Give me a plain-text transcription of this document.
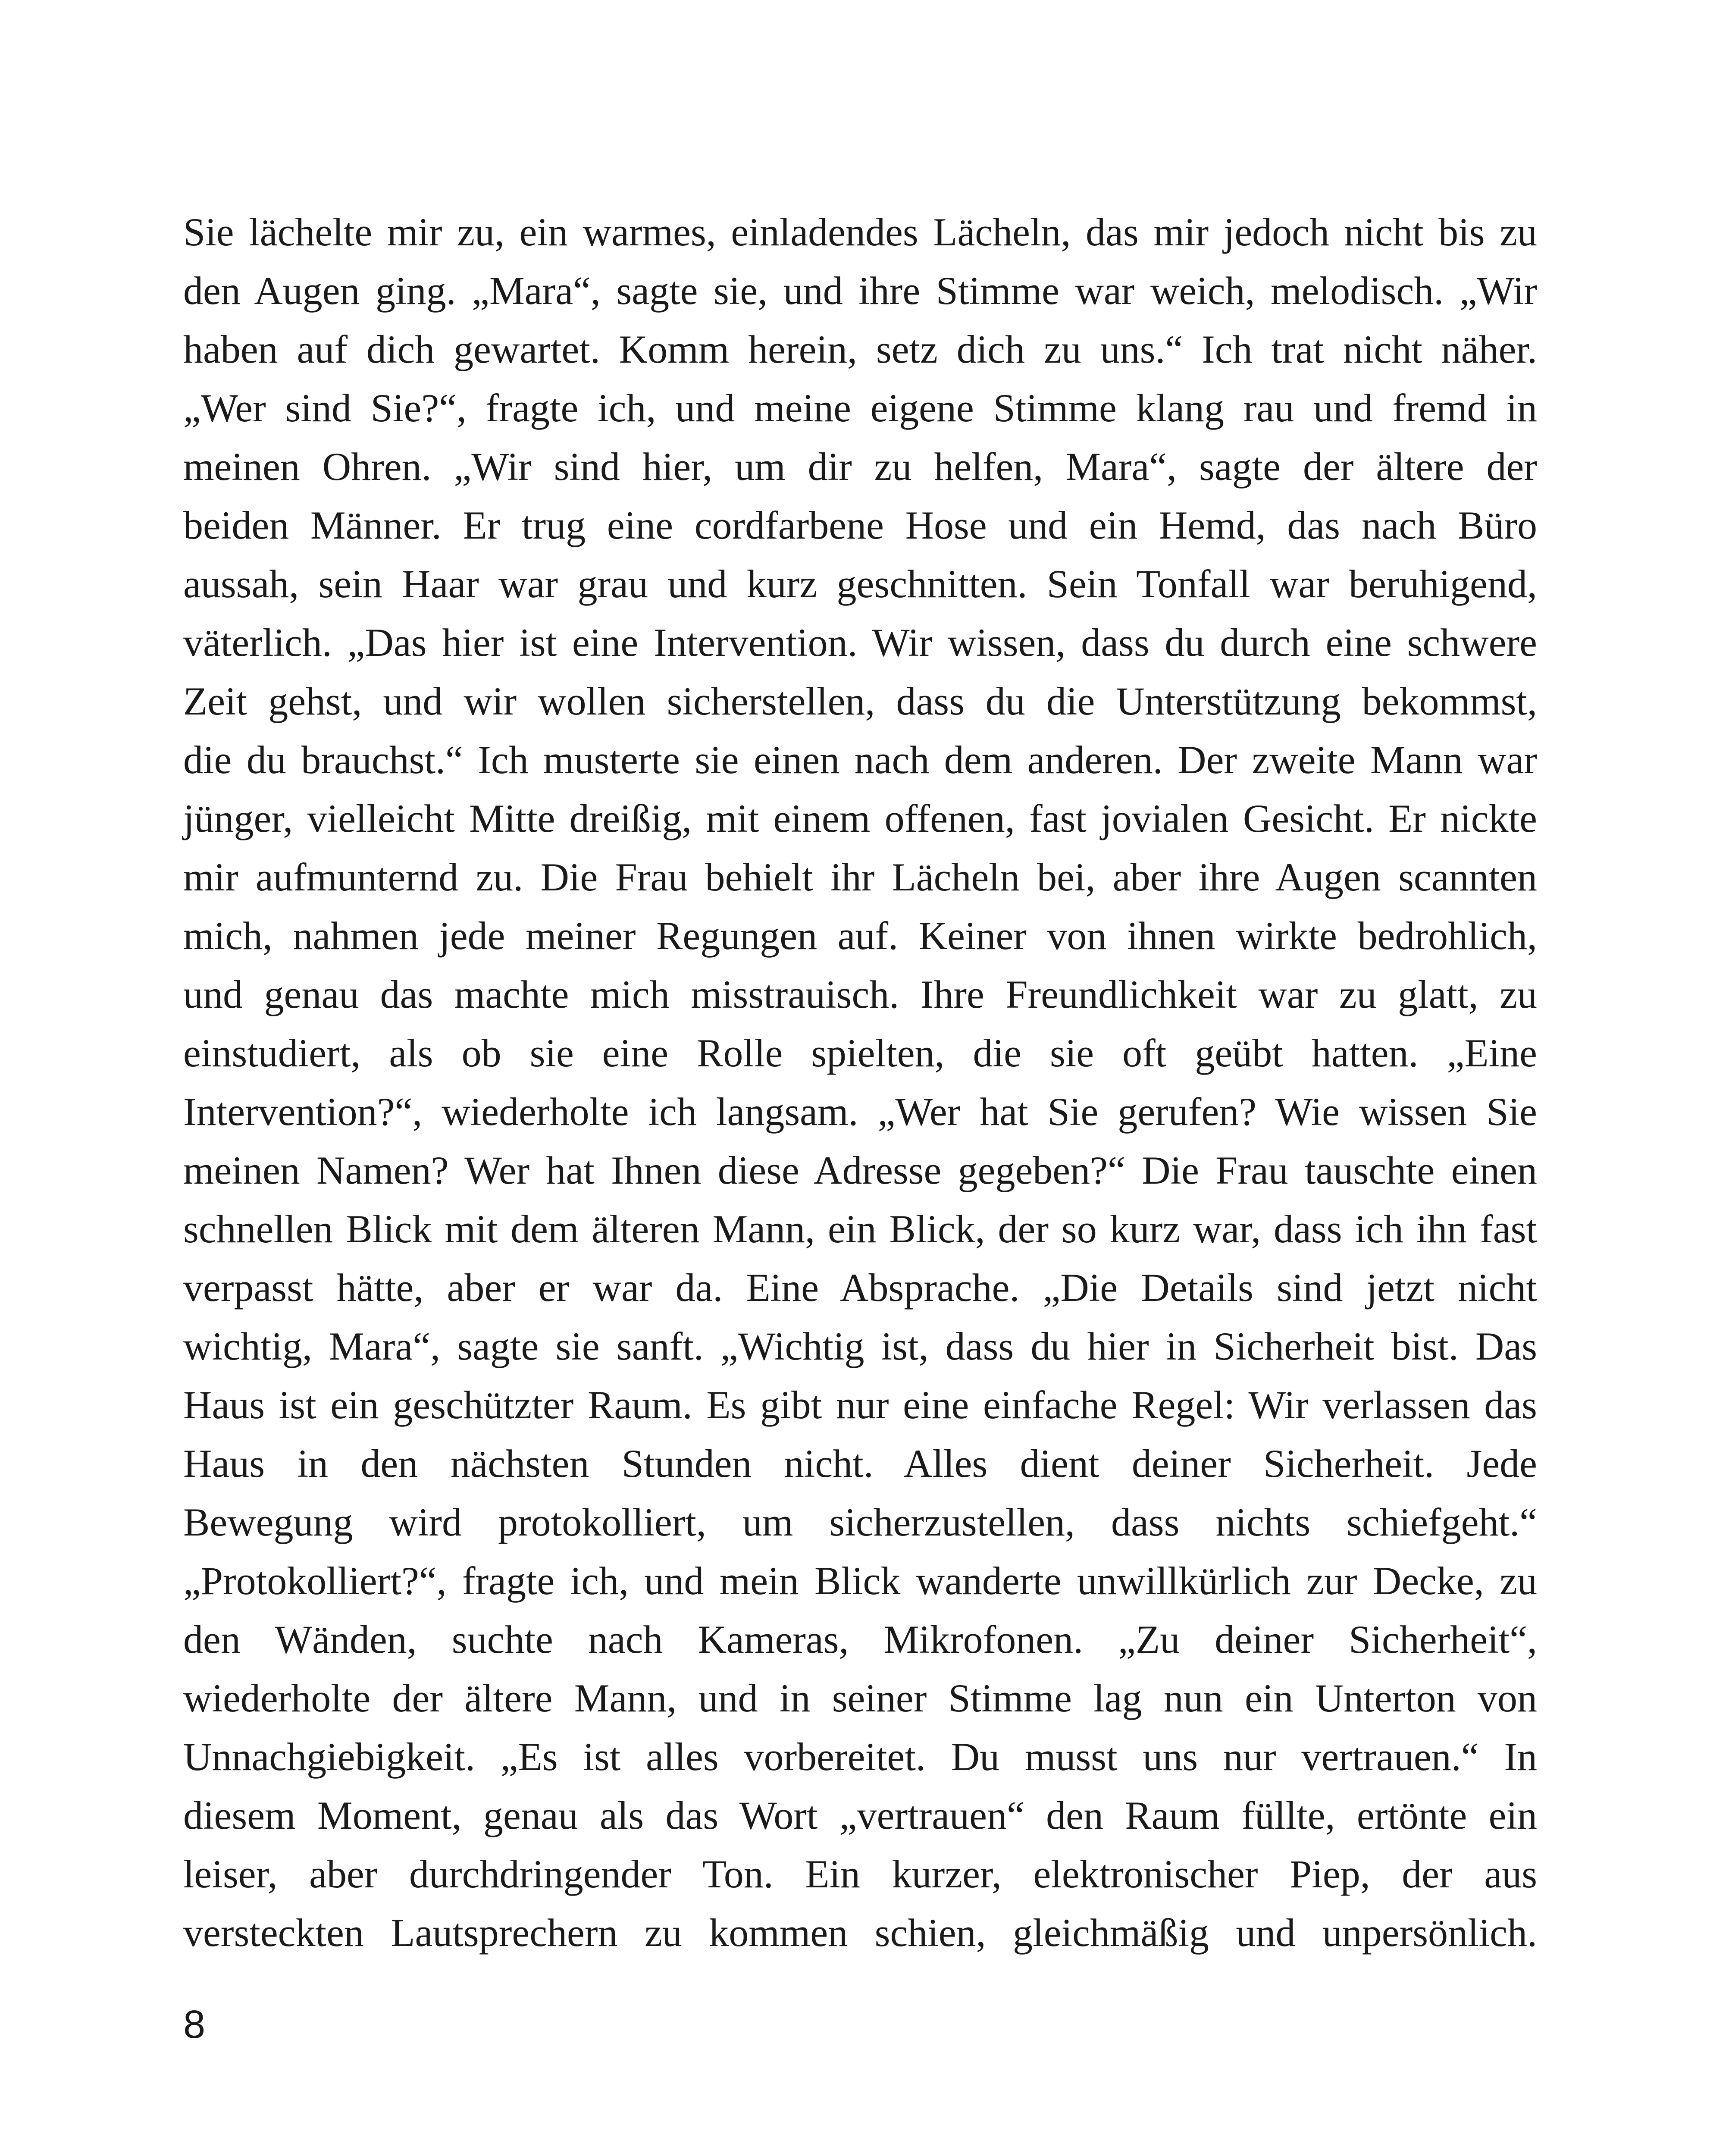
Sie lächelte mir zu, ein warmes, einladendes Lächeln, das mir jedoch nicht bis zu
den Augen ging. „Mara“, sagte sie, und ihre Stimme war weich, melodisch. „Wir
haben auf dich gewartet. Komm herein, setz dich zu uns.“ Ich trat nicht näher.
„Wer sind Sie?“, fragte ich, und meine eigene Stimme klang rau und fremd in
meinen Ohren. „Wir sind hier, um dir zu helfen, Mara“, sagte der ältere der
beiden Männer. Er trug eine cordfarbene Hose und ein Hemd, das nach Büro
aussah, sein Haar war grau und kurz geschnitten. Sein Tonfall war beruhigend,
väterlich. „Das hier ist eine Intervention. Wir wissen, dass du durch eine schwere
Zeit gehst, und wir wollen sicherstellen, dass du die Unterstützung bekommst,
die du brauchst.“ Ich musterte sie einen nach dem anderen. Der zweite Mann war
jünger, vielleicht Mitte dreißig, mit einem offenen, fast jovialen Gesicht. Er nickte
mir aufmunternd zu. Die Frau behielt ihr Lächeln bei, aber ihre Augen scannten
mich, nahmen jede meiner Regungen auf. Keiner von ihnen wirkte bedrohlich,
und genau das machte mich misstrauisch. Ihre Freundlichkeit war zu glatt, zu
einstudiert, als ob sie eine Rolle spielten, die sie oft geübt hatten. „Eine
Intervention?“, wiederholte ich langsam. „Wer hat Sie gerufen? Wie wissen Sie
meinen Namen? Wer hat Ihnen diese Adresse gegeben?“ Die Frau tauschte einen
schnellen Blick mit dem älteren Mann, ein Blick, der so kurz war, dass ich ihn fast
verpasst hätte, aber er war da. Eine Absprache. „Die Details sind jetzt nicht
wichtig, Mara“, sagte sie sanft. „Wichtig ist, dass du hier in Sicherheit bist. Das
Haus ist ein geschützter Raum. Es gibt nur eine einfache Regel: Wir verlassen das
Haus in den nächsten Stunden nicht. Alles dient deiner Sicherheit. Jede
Bewegung wird protokolliert, um sicherzustellen, dass nichts schiefgeht.“
„Protokolliert?“, fragte ich, und mein Blick wanderte unwillkürlich zur Decke, zu
den Wänden, suchte nach Kameras, Mikrofonen. „Zu deiner Sicherheit“,
wiederholte der ältere Mann, und in seiner Stimme lag nun ein Unterton von
Unnachgiebigkeit. „Es ist alles vorbereitet. Du musst uns nur vertrauen.“ In
diesem Moment, genau als das Wort „vertrauen“ den Raum füllte, ertönte ein
leiser, aber durchdringender Ton. Ein kurzer, elektronischer Piep, der aus
versteckten Lautsprechern zu kommen schien, gleichmäßig und unpersönlich.
8
